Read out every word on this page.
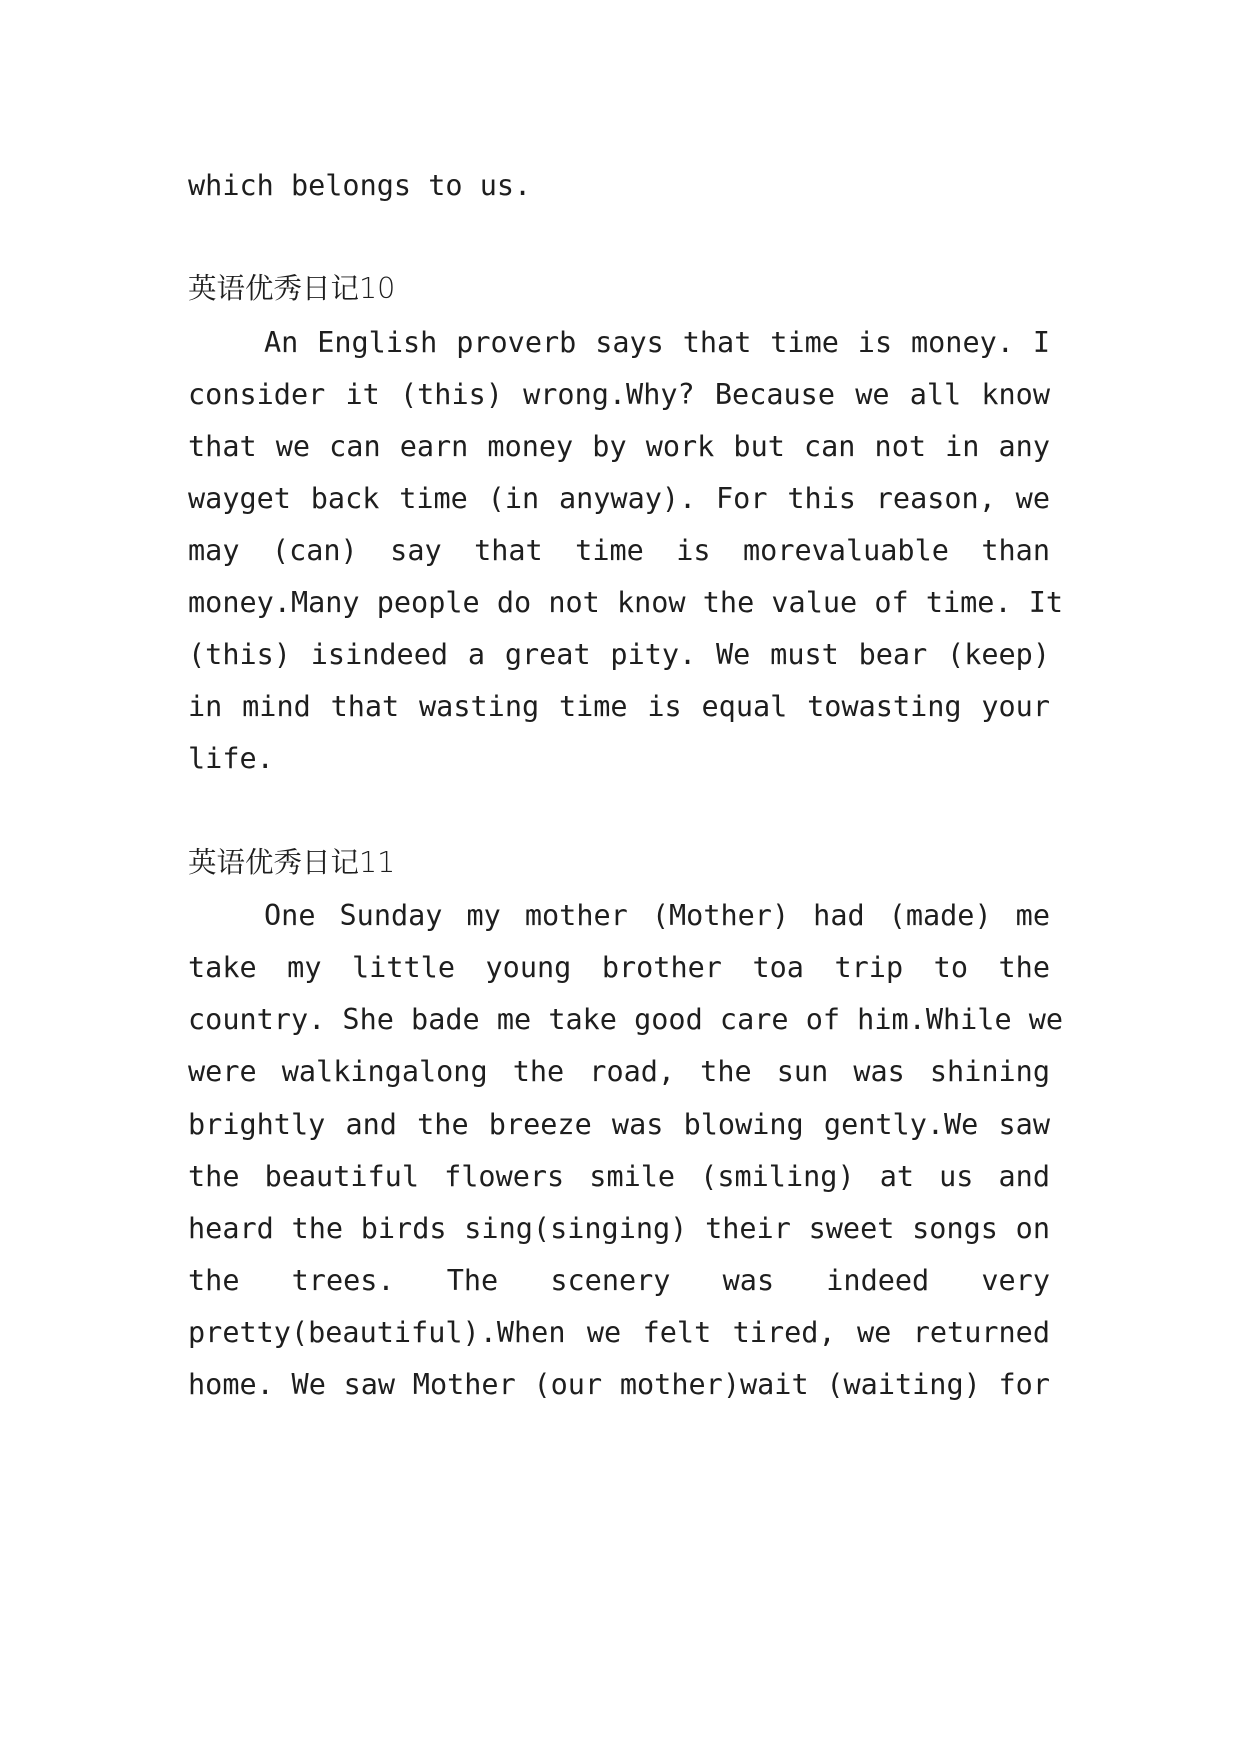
which belongs to us.
英语优秀日记10
An English proverb says that time is money. I
consider it (this) wrong.Why? Because we all know
that we can earn money by work but can not in any
wayget back time (in anyway). For this reason, we
may (can) say that time is morevaluable than
money.Many people do not know the value of time. It
(this) isindeed a great pity. We must bear (keep)
in mind that wasting time is equal towasting your
life.
英语优秀日记11
One Sunday my mother (Mother) had (made) me
take my little young brother toa trip to the
country. She bade me take good care of him.While we
were walkingalong the road, the sun was shining
brightly and the breeze was blowing gently.We saw
the beautiful flowers smile (smiling) at us and
heard the birds sing(singing) their sweet songs on
the trees. The scenery was indeed very
pretty(beautiful).When we felt tired, we returned
home. We saw Mother (our mother)wait (waiting) for
